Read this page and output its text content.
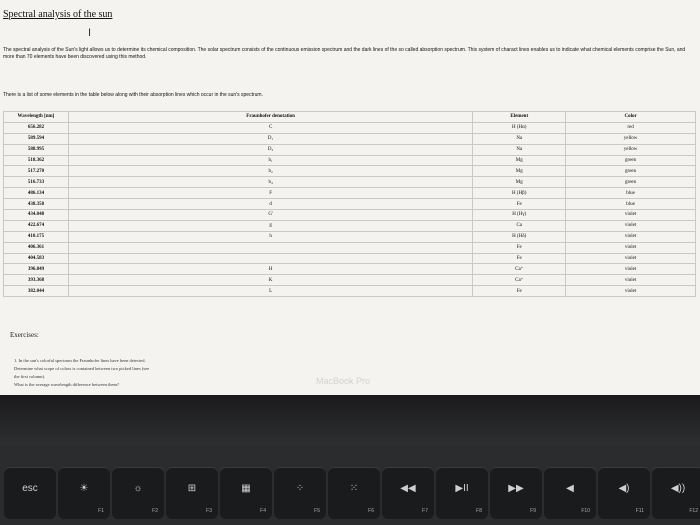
Spectral analysis of the sun
I
The spectral analysis of the Sun's light allows us to determine its chemical composition. The solar spectrum consists of the continuous emission spectrum and the dark lines of the so called absorption spectrum. This system of charact lines enables us to indicate what chemical elements comprise the Sun, and more than 70 elements have been discovered using this method.
There is a list of some elements in the table below along with their absorption lines which occur in the sun's spectrum.
Wavelength [nm]	Fraunhofer denotation	Element	Color
656.282	C	H (Hα)	red
589.594	D₁	Na	yellow
588.995	D₂	Na	yellow
518.362	b₁	Mg	green
517.270	b₂	Mg	green
516.733	b₄	Mg	green
486.134	F	H (Hβ)	blue
438.350	d	Fe	blue
434.048	G'	H (Hγ)	violet
422.674	g	Ca	violet
410.175	h	H (Hδ)	violet
406.361		Fe	violet
404.583		Fe	violet
396.849	H	Ca⁺	violet
393.368	K	Ca⁺	violet
382.044	L	Fe	violet
Exercises:
1. In the sun's colorful spectrum the Fraunhofer lines have been detected.
Determine what scope of colors is contained between two picked lines (see
the first column).
What is the average wavelength difference between them?	MacBook Pro
esc	☀
F1
☼
F2
⊞
F3
▦
F4
⁘
F5
⁙
F6
◀◀
F7
▶II
F8
▶▶
F9
◀
F10
◀)
F11
◀))
F12
